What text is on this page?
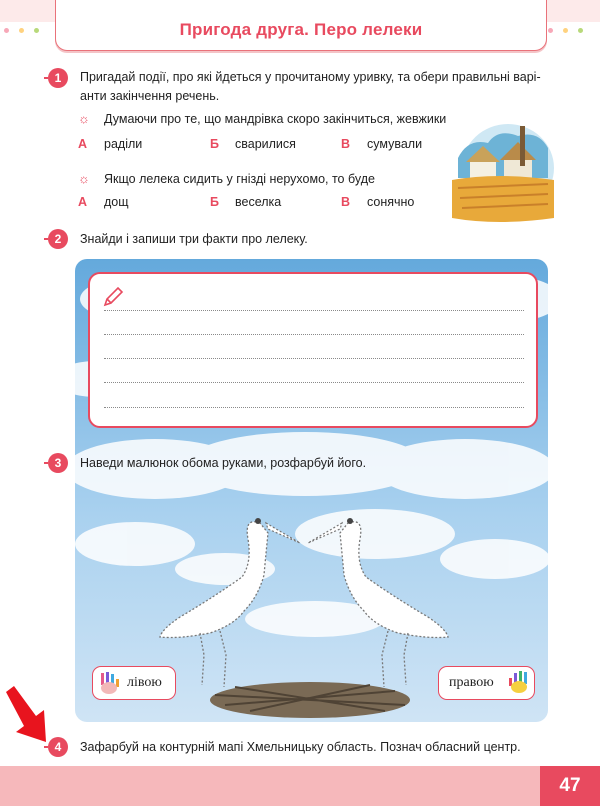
Пригода друга. Перо лелеки
1	Пригадай події, про які йдеться у прочитаному уривку, та обери правильні варі-
анти закінчення речень.
☼ Думаючи про те, що мандрівка скоро закінчиться, жевжики
А раділи	Б сварилися	В сумували
☼ Якщо лелека сидить у гнізді нерухомо, то буде
А дощ	Б веселка	В сонячно
2	Знайди і запиши три факти про лелеку.
3	Наведи малюнок обома руками, розфарбуй його.
лівою	правою
4	Зафарбуй на контурній мапі Хмельницьку область. Познач обласний центр.
47
